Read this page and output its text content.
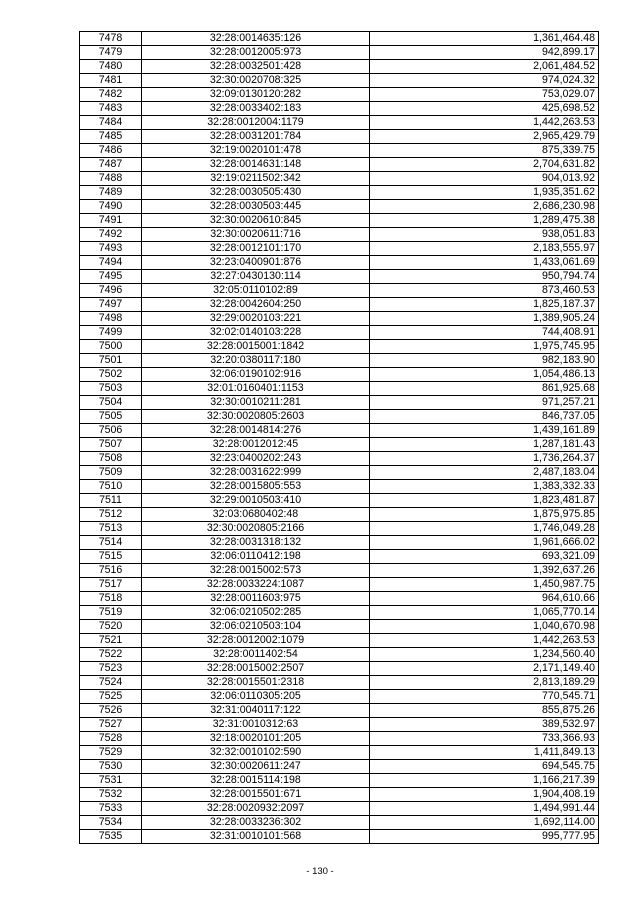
7478	32:28:0014635:126	1,361,464.48
7479	32:28:0012005:973	942,899.17
7480	32:28:0032501:428	2,061,484.52
7481	32:30:0020708:325	974,024.32
7482	32:09:0130120:282	753,029.07
7483	32:28:0033402:183	425,698.52
7484	32:28:0012004:1179	1,442,263.53
7485	32:28:0031201:784	2,965,429.79
7486	32:19:0020101:478	875,339.75
7487	32:28:0014631:148	2,704,631.82
7488	32:19:0211502:342	904,013.92
7489	32:28:0030505:430	1,935,351.62
7490	32:28:0030503:445	2,686,230.98
7491	32:30:0020610:845	1,289,475.38
7492	32:30:0020611:716	938,051.83
7493	32:28:0012101:170	2,183,555.97
7494	32:23:0400901:876	1,433,061.69
7495	32:27:0430130:114	950,794.74
7496	32:05:0110102:89	873,460.53
7497	32:28:0042604:250	1,825,187.37
7498	32:29:0020103:221	1,389,905.24
7499	32:02:0140103:228	744,408.91
7500	32:28:0015001:1842	1,975,745.95
7501	32:20:0380117:180	982,183.90
7502	32:06:0190102:916	1,054,486.13
7503	32:01:0160401:1153	861,925.68
7504	32:30:0010211:281	971,257.21
7505	32:30:0020805:2603	846,737.05
7506	32:28:0014814:276	1,439,161.89
7507	32:28:0012012:45	1,287,181.43
7508	32:23:0400202:243	1,736,264.37
7509	32:28:0031622:999	2,487,183.04
7510	32:28:0015805:553	1,383,332.33
7511	32:29:0010503:410	1,823,481.87
7512	32:03:0680402:48	1,875,975.85
7513	32:30:0020805:2166	1,746,049.28
7514	32:28:0031318:132	1,961,666.02
7515	32:06:0110412:198	693,321.09
7516	32:28:0015002:573	1,392,637.26
7517	32:28:0033224:1087	1,450,987.75
7518	32:28:0011603:975	964,610.66
7519	32:06:0210502:285	1,065,770.14
7520	32:06:0210503:104	1,040,670.98
7521	32:28:0012002:1079	1,442,263.53
7522	32:28:0011402:54	1,234,560.40
7523	32:28:0015002:2507	2,171,149.40
7524	32:28:0015501:2318	2,813,189.29
7525	32:06:0110305:205	770,545.71
7526	32:31:0040117:122	855,875.26
7527	32:31:0010312:63	389,532.97
7528	32:18:0020101:205	733,366.93
7529	32:32:0010102:590	1,411,849.13
7530	32:30:0020611:247	694,545.75
7531	32:28:0015114:198	1,166,217.39
7532	32:28:0015501:671	1,904,408.19
7533	32:28:0020932:2097	1,494,991.44
7534	32:28:0033236:302	1,692,114.00
7535	32:31:0010101:568	995,777.95
- 130 -
